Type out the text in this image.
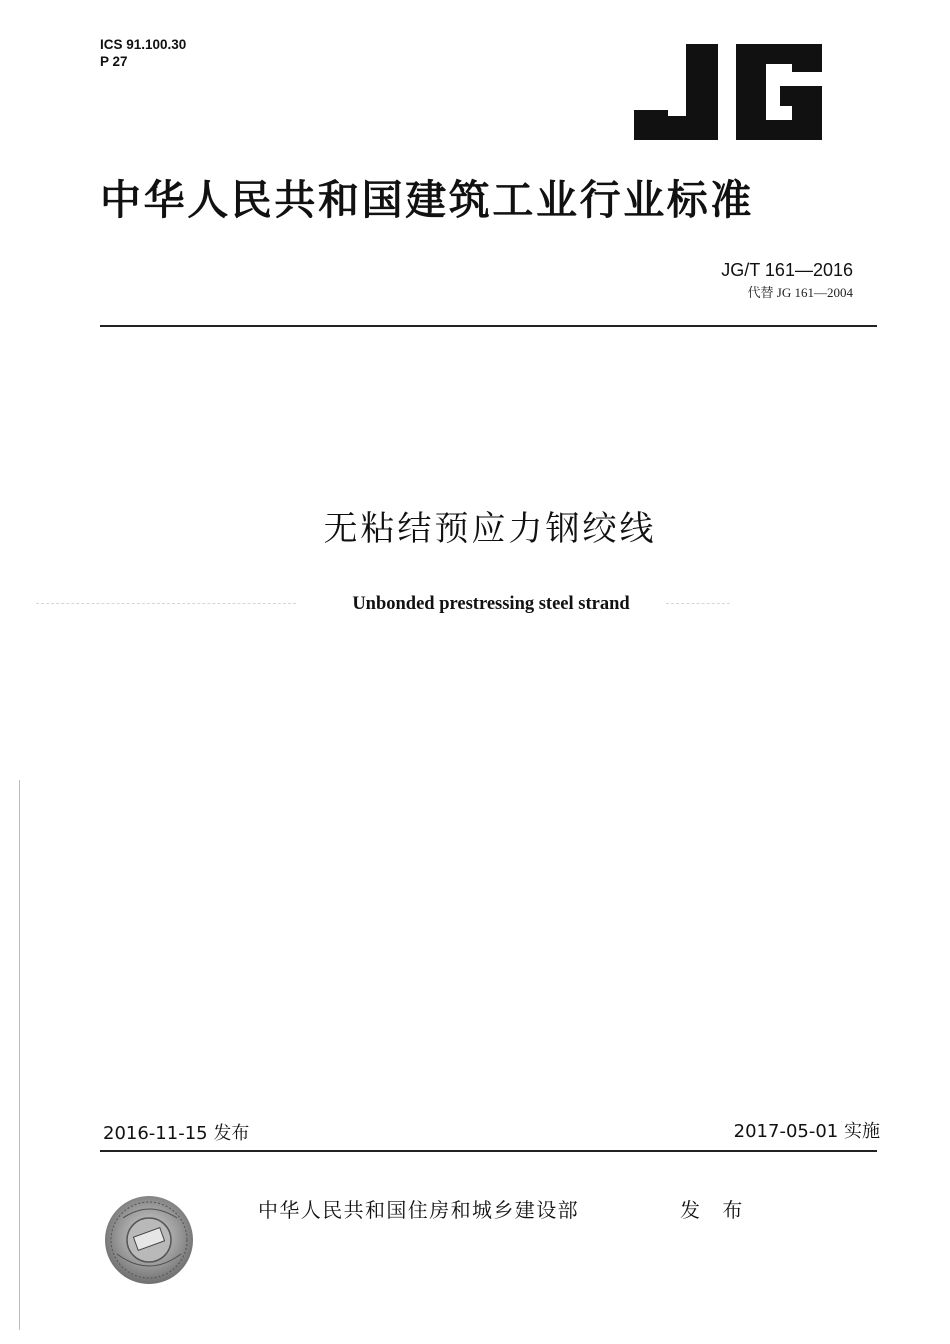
ICS 91.100.30
P 27
中华人民共和国建筑工业行业标准
JG/T 161—2016
代替 JG 161—2004
无粘结预应力钢绞线
Unbonded prestressing steel strand
2016-11-15 发布	2017-05-01 实施
中华人民共和国住房和城乡建设部	发 布
